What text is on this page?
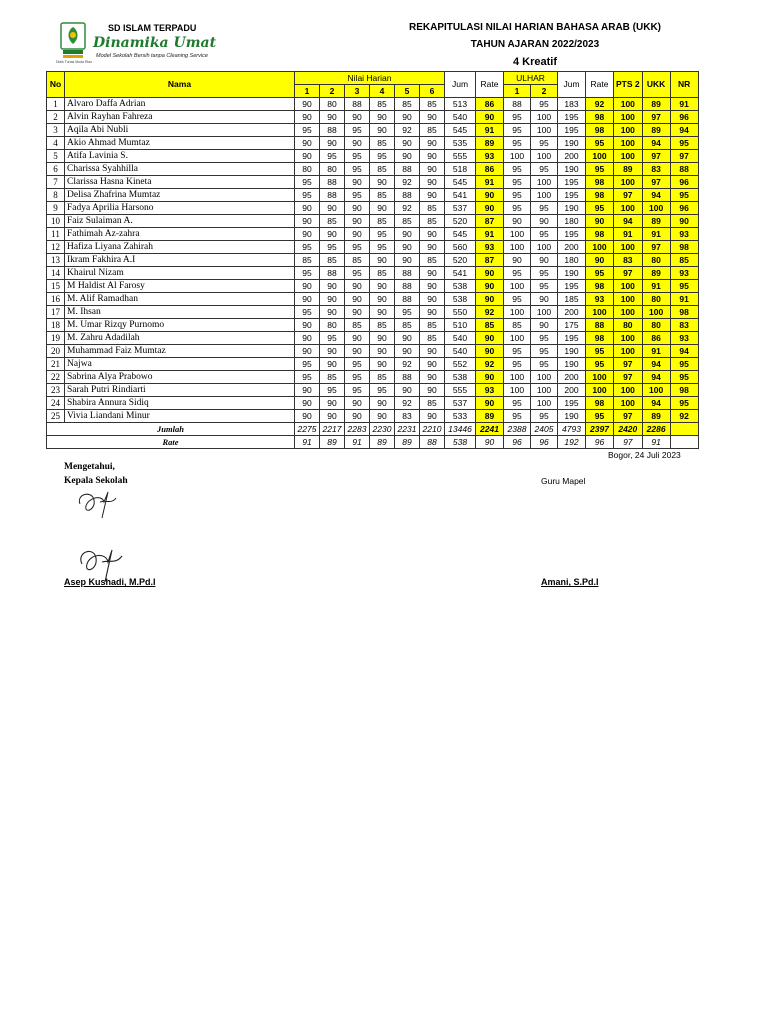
SD ISLAM TERPADU
Dinamika Umat
Model Sekolah Bersih tanpa Cleaning Service
Didik Tunas Muda Riau
REKAPITULASI NILAI HARIAN BAHASA ARAB (UKK)
TAHUN AJARAN 2022/2023
4 Kreatif
No	Nama	Nilai Harian						Jum	Rate	ULHAR		Jum	Rate	PTS 2	UKK	NR
		1	2	3	4	5	6			1	2					
1	Alvaro Daffa Adrian	90	80	88	85	85	85	513	86	88	95	183	92	100	89	91
2	Alvin Rayhan Fahreza	90	90	90	90	90	90	540	90	95	100	195	98	100	97	96
3	Aqila Abi Nubli	95	88	95	90	92	85	545	91	95	100	195	98	100	89	94
4	Akio Ahmad Mumtaz	90	90	90	85	90	90	535	89	95	95	190	95	100	94	95
5	Atifa Lavinia S.	90	95	95	95	90	90	555	93	100	100	200	100	100	97	97
6	Charissa Syahhilla	80	80	95	85	88	90	518	86	95	95	190	95	89	83	88
7	Clarissa Hasna Kineta	95	88	90	90	92	90	545	91	95	100	195	98	100	97	96
8	Delisa Zhafrina Mumtaz	95	88	95	85	88	90	541	90	95	100	195	98	97	94	95
9	Fadya Aprilia Harsono	90	90	90	90	92	85	537	90	95	95	190	95	100	100	96
10	Faiz Sulaiman A.	90	85	90	85	85	85	520	87	90	90	180	90	94	89	90
11	Fathimah Az-zahra	90	90	90	95	90	90	545	91	100	95	195	98	91	91	93
12	Hafiza Liyana Zahirah	95	95	95	95	90	90	560	93	100	100	200	100	100	97	98
13	Ikram Fakhira A.I	85	85	85	90	90	85	520	87	90	90	180	90	83	80	85
14	Khairul Nizam	95	88	95	85	88	90	541	90	95	95	190	95	97	89	93
15	M Haldist Al Farosy	90	90	90	90	88	90	538	90	100	95	195	98	100	91	95
16	M. Alif Ramadhan	90	90	90	90	88	90	538	90	95	90	185	93	100	80	91
17	M. Ihsan	95	90	90	90	95	90	550	92	100	100	200	100	100	100	98
18	M. Umar Rizqy Purnomo	90	80	85	85	85	85	510	85	85	90	175	88	80	80	83
19	M. Zahru Adadilah	90	95	90	90	90	85	540	90	100	95	195	98	100	86	93
20	Muhammad Faiz Mumtaz	90	90	90	90	90	90	540	90	95	95	190	95	100	91	94
21	Najwa	95	90	95	90	92	90	552	92	95	95	190	95	97	94	95
22	Sabrina Alya Prabowo	95	85	95	85	88	90	538	90	100	100	200	100	97	94	95
23	Sarah Putri Rindiarti	90	95	95	95	90	90	555	93	100	100	200	100	100	100	98
24	Shabira Annura Sidiq	90	90	90	90	92	85	537	90	95	100	195	98	100	94	95
25	Vivia Liandani Minur	90	90	90	90	83	90	533	89	95	95	190	95	97	89	92
Jumlah		2275	2217	2283	2230	2231	2210	13446	2241	2388	2405	4793	2397	2420	2286	
Rate		91	89	91	89	89	88	538	90	96	96	192	96	97	91	
Bogor, 24 Juli 2023
Mengetahui,
Kepala Sekolah	Guru Mapel
Asep Kushadi, M.Pd.I	Amani, S.Pd.I
